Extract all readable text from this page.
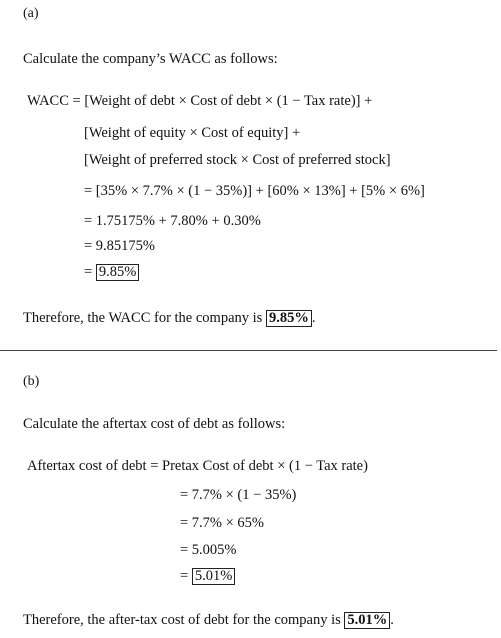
(a)
Calculate the company’s WACC as follows:
WACC = [Weight of debt × Cost of debt × (1 − Tax rate)] +
[Weight of equity × Cost of equity] +
[Weight of preferred stock × Cost of preferred stock]
= [35% × 7.7% × (1 − 35%)] + [60% × 13%] + [5% × 6%]
= 1.75175% + 7.80% + 0.30%
= 9.85175%
= 9.85%
Therefore, the WACC for the company is 9.85% .
(b)
Calculate the aftertax cost of debt as follows:
Aftertax cost of debt = Pretax Cost of debt × (1 − Tax rate)
= 7.7% × (1 − 35%)
= 7.7% × 65%
= 5.005%
= 5.01%
Therefore, the after-tax cost of debt for the company is 5.01% .
